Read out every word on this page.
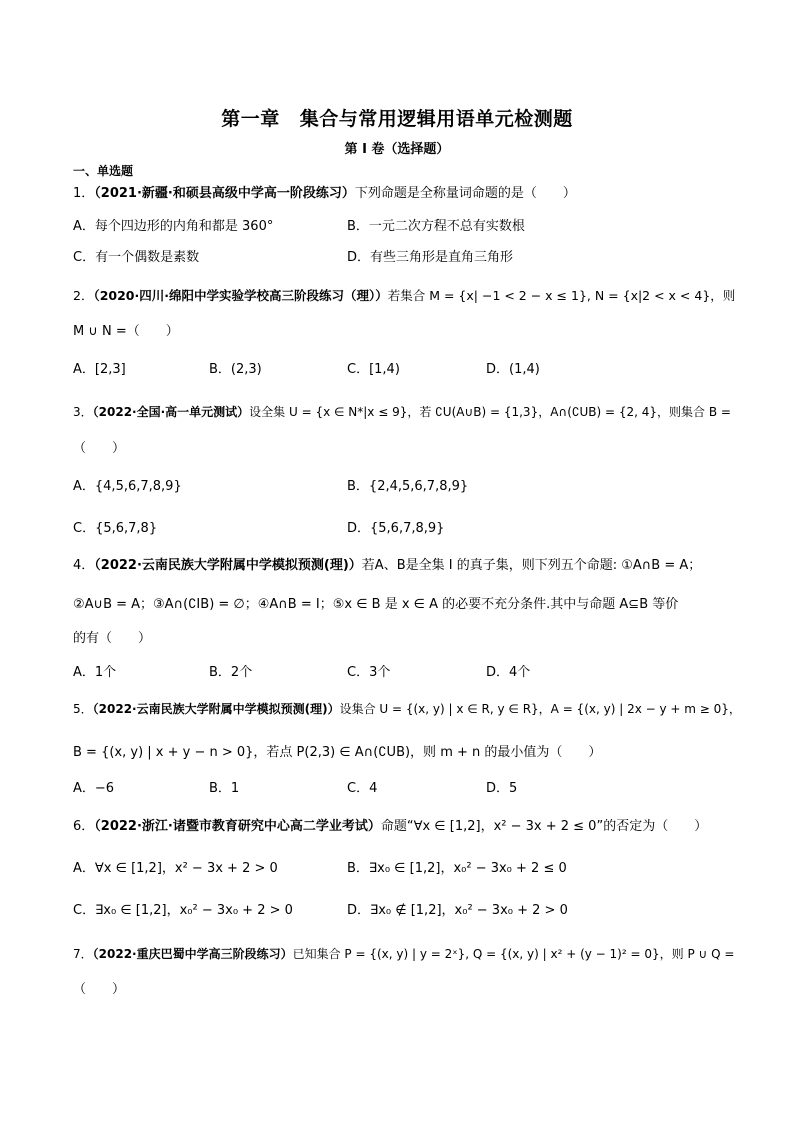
第一章 集合与常用逻辑用语单元检测题
第 I 卷（选择题）
一、单选题
1．（2021·新疆·和硕县高级中学高一阶段练习）下列命题是全称量词命题的是（　　）
A．每个四边形的内角和都是 360°	B．一元二次方程不总有实数根
C．有一个偶数是素数	D．有些三角形是直角三角形
2．（2020·四川·绵阳中学实验学校高三阶段练习（理））若集合 M = {x| −1 < 2 − x ≤ 1}, N = {x|2 < x < 4}，则
M ∪ N =（　　）
A．[2,3]	B．(2,3)	C．[1,4)	D．(1,4)
3．（2022·全国·高一单元测试）设全集 U = {x ∈ N*|x ≤ 9}，若 ∁U(A∪B) = {1,3}，A∩(∁UB) = {2, 4}，则集合 B =
（　　）
A．{4,5,6,7,8,9}	B．{2,4,5,6,7,8,9}
C．{5,6,7,8}	D．{5,6,7,8,9}
4．（2022·云南民族大学附属中学模拟预测(理)）若A、B是全集 I 的真子集，则下列五个命题: ①A∩B = A；
②A∪B = A；③A∩(∁IB) = ∅；④A∩B = I；⑤x ∈ B 是 x ∈ A 的必要不充分条件.其中与命题 A⊆B 等价
的有（　　）
A．1个	B．2个	C．3个	D．4个
5．（2022·云南民族大学附属中学模拟预测(理)）设集合 U = {(x, y) | x ∈ R, y ∈ R}，A = {(x, y) | 2x − y + m ≥ 0}，
B = {(x, y) | x + y − n > 0}，若点 P(2,3) ∈ A∩(∁UB)，则 m + n 的最小值为（　　）
A．−6	B．1	C．4	D．5
6．（2022·浙江·诸暨市教育研究中心高二学业考试）命题“∀x ∈ [1,2]，x² − 3x + 2 ≤ 0”的否定为（　　）
A．∀x ∈ [1,2]，x² − 3x + 2 > 0	B．∃x₀ ∈ [1,2]，x₀² − 3x₀ + 2 ≤ 0
C．∃x₀ ∈ [1,2]，x₀² − 3x₀ + 2 > 0	D．∃x₀ ∉ [1,2]，x₀² − 3x₀ + 2 > 0
7．（2022·重庆巴蜀中学高三阶段练习）已知集合 P = {(x, y) | y = 2ˣ}, Q = {(x, y) | x² + (y − 1)² = 0}，则 P ∪ Q =
（　　）
